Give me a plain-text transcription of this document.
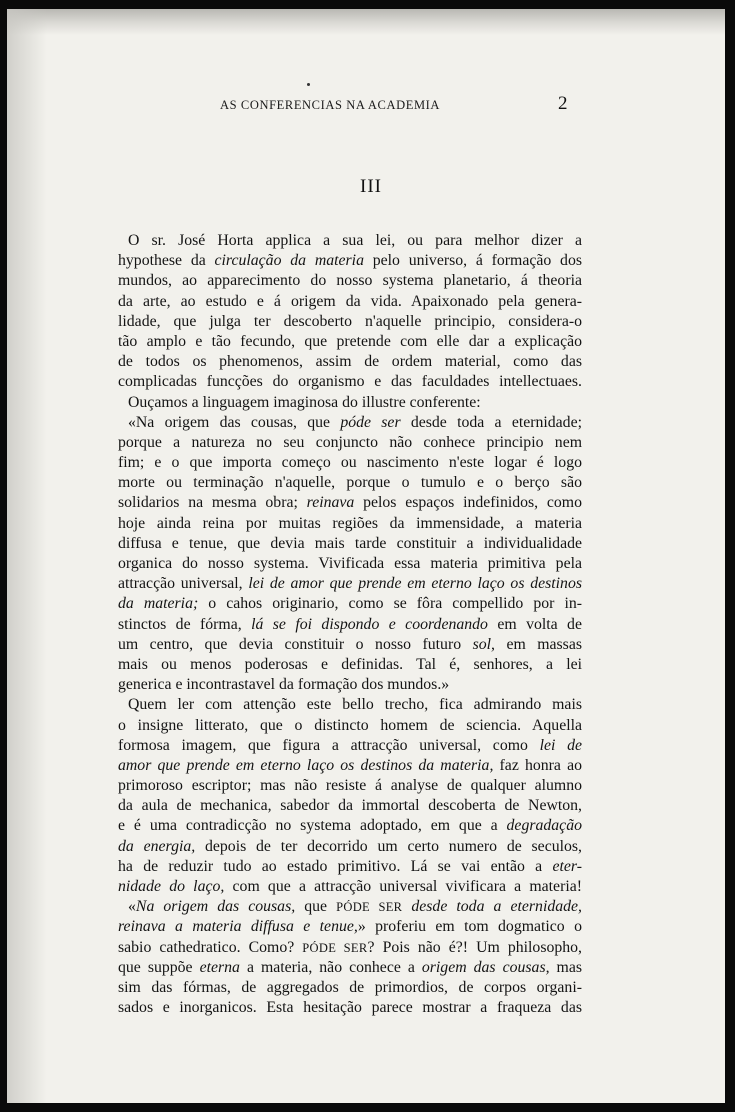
AS CONFERENCIAS NA ACADEMIA	2
III
O sr. José Horta applica a sua lei, ou para melhor dizer a
hypothese da circulação da materia pelo universo, á formação dos
mundos, ao apparecimento do nosso systema planetario, á theoria
da arte, ao estudo e á origem da vida. Apaixonado pela genera-
lidade, que julga ter descoberto n'aquelle principio, considera-o
tão amplo e tão fecundo, que pretende com elle dar a explicação
de todos os phenomenos, assim de ordem material, como das
complicadas funcções do organismo e das faculdades intellectuaes.
Ouçamos a linguagem imaginosa do illustre conferente:
«Na origem das cousas, que póde ser desde toda a eternidade;
porque a natureza no seu conjuncto não conhece principio nem
fim; e o que importa começo ou nascimento n'este logar é logo
morte ou terminação n'aquelle, porque o tumulo e o berço são
solidarios na mesma obra; reinava pelos espaços indefinidos, como
hoje ainda reina por muitas regiões da immensidade, a materia
diffusa e tenue, que devia mais tarde constituir a individualidade
organica do nosso systema. Vivificada essa materia primitiva pela
attracção universal, lei de amor que prende em eterno laço os destinos
da materia; o cahos originario, como se fôra compellido por in-
stinctos de fórma, lá se foi dispondo e coordenando em volta de
um centro, que devia constituir o nosso futuro sol, em massas
mais ou menos poderosas e definidas. Tal é, senhores, a lei
generica e incontrastavel da formação dos mundos.»
Quem ler com attenção este bello trecho, fica admirando mais
o insigne litterato, que o distincto homem de sciencia. Aquella
formosa imagem, que figura a attracção universal, como lei de
amor que prende em eterno laço os destinos da materia, faz honra ao
primoroso escriptor; mas não resiste á analyse de qualquer alumno
da aula de mechanica, sabedor da immortal descoberta de Newton,
e é uma contradicção no systema adoptado, em que a degradação
da energia, depois de ter decorrido um certo numero de seculos,
ha de reduzir tudo ao estado primitivo. Lá se vai então a eter-
nidade do laço, com que a attracção universal vivificara a materia!
«Na origem das cousas, que PÓDE SER desde toda a eternidade,
reinava a materia diffusa e tenue,» proferiu em tom dogmatico o
sabio cathedratico. Como? PÓDE SER? Pois não é?! Um philosopho,
que suppõe eterna a materia, não conhece a origem das cousas, mas
sim das fórmas, de aggregados de primordios, de corpos organi-
sados e inorganicos. Esta hesitação parece mostrar a fraqueza das
